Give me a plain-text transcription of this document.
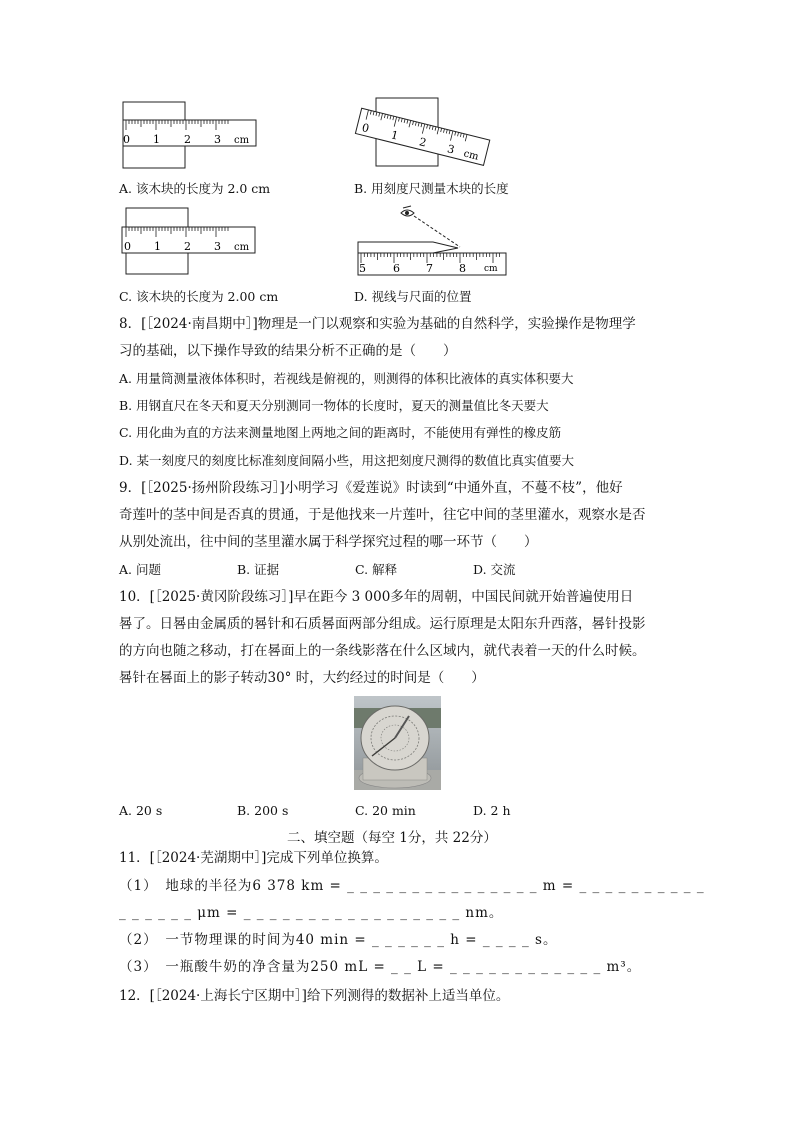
0 1 2 3 cm
0
1 2 3 cm
A. 该木块的长度为 2.0 cm	B. 用刻度尺测量木块的长度
0 1 2 3 cm
5 6 7 8 cm
C. 该木块的长度为 2.00 cm	D. 视线与尺面的位置
8．[［2024·南昌期中］]物理是一门以观察和实验为基础的自然科学，实验操作是物理学
习的基础，以下操作导致的结果分析不正确的是（　　）
A. 用量筒测量液体体积时，若视线是俯视的，则测得的体积比液体的真实体积要大
B. 用钢直尺在冬天和夏天分别测同一物体的长度时，夏天的测量值比冬天要大
C. 用化曲为直的方法来测量地图上两地之间的距离时，不能使用有弹性的橡皮筋
D. 某一刻度尺的刻度比标准刻度间隔小些，用这把刻度尺测得的数值比真实值要大
9．[［2025·扬州阶段练习］]小明学习《爱莲说》时读到“中通外直，不蔓不枝”，他好
奇莲叶的茎中间是否真的贯通，于是他找来一片莲叶，往它中间的茎里灌水，观察水是否
从别处流出，往中间的茎里灌水属于科学探究过程的哪一环节（　　）
A. 问题	B. 证据	C. 解释	D. 交流
10．[［2025·黄冈阶段练习］]早在距今 3 000多年的周朝，中国民间就开始普遍使用日
晷了。日晷由金属质的晷针和石质晷面两部分组成。运行原理是太阳东升西落，晷针投影
的方向也随之移动，打在晷面上的一条线影落在什么区域内，就代表着一天的什么时候。
晷针在晷面上的影子转动30° 时，大约经过的时间是（　　）
A. 20 s	B. 200 s	C. 20 min	D. 2 h
二、填空题（每空 1分，共 22分）
11．[［2024·芜湖期中］]完成下列单位换算。
（1）　地球的半径为6 378 km = _ _ _ _ _ _ _ _ _ _ _ _ _ _ _ m = _ _ _ _ _ _ _ _ _ _
_ _ _ _ _ _ μm = _ _ _ _ _ _ _ _ _ _ _ _ _ _ _ _ _ nm。
（2）　一节物理课的时间为40 min = _ _ _ _ _ _ h = _ _ _ _ s。
（3）　一瓶酸牛奶的净含量为250 mL = _ _ L = _ _ _ _ _ _ _ _ _ _ _ _ m³。
12．[［2024·上海长宁区期中］]给下列测得的数据补上适当单位。
